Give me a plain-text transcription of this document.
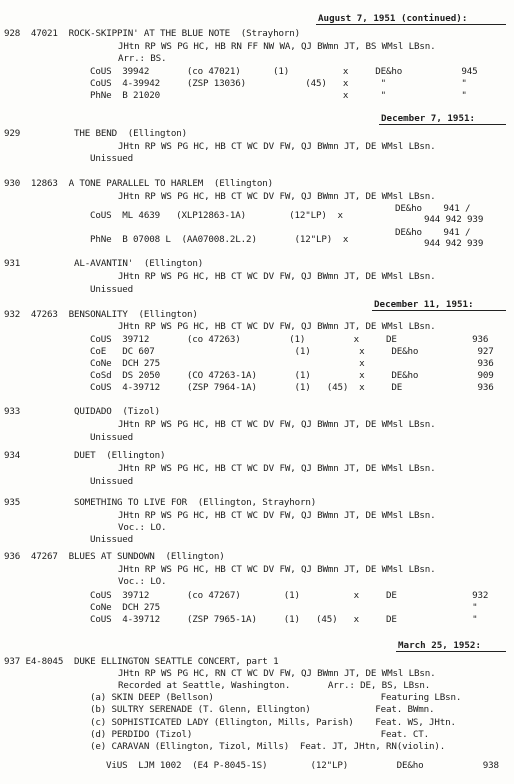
August 7, 1951 (continued):
928  47021  ROCK-SKIPPIN' AT THE BLUE NOTE  (Strayhorn)
JHtn RP WS PG HC, HB RN FF NW WA, QJ BWmn JT, BS WMsl LBsn.
Arr.: BS.
CoUS  39942       (co 47021)      (1)          x     DE&ho           945
CoUS  4-39942     (ZSP 13036)           (45)   x      "              "
PhNe  B 21020                                  x      "              "
December 7, 1951:
929          THE BEND  (Ellington)
JHtn RP WS PG HC, HB CT WC DV FW, QJ BWmn JT, DE WMsl LBsn.
Unissued
930  12863  A TONE PARALLEL TO HARLEM  (Ellington)
JHtn RP WS PG HC, HB CT WC DV FW, QJ BWmn JT, DE WMsl LBsn.
CoUS  ML 4639   (XLP12863-1A)        (12"LP)  x
DE&ho    941 /
944 942 939
PhNe  B 07008 L  (AA07008.2L.2)       (12"LP)  x
DE&ho    941 /
944 942 939
931          AL-AVANTIN'  (Ellington)
JHtn RP WS PG HC, HB CT WC DV FW, QJ BWmn JT, DE WMsl LBsn.
Unissued
December 11, 1951:
932  47263  BENSONALITY  (Ellington)
JHtn RP WS PG HC, HB CT WC DV FW, QJ BWmn JT, DE WMsl LBsn.
CoUS  39712       (co 47263)         (1)         x     DE              936
CoE   DC 607                          (1)         x     DE&ho           927
CoNe  DCH 275                                     x                     936
CoSd  DS 2050     (CO 47263-1A)       (1)         x     DE&ho           909
CoUS  4-39712     (ZSP 7964-1A)       (1)   (45)  x     DE              936
933          QUIDADO  (Tizol)
JHtn RP WS PG HC, HB CT WC DV FW, QJ BWmn JT, DE WMsl LBsn.
Unissued
934          DUET  (Ellington)
JHtn RP WS PG HC, HB CT WC DV FW, QJ BWmn JT, DE WMsl LBsn.
Unissued
935          SOMETHING TO LIVE FOR  (Ellington, Strayhorn)
JHtn RP WS PG HC, HB CT WC DV FW, QJ BWmn JT, DE WMsl LBsn.
Voc.: LO.
Unissued
936  47267  BLUES AT SUNDOWN  (Ellington)
JHtn RP WS PG HC, HB CT WC DV FW, QJ BWmn JT, DE WMsl LBsn.
Voc.: LO.
CoUS  39712       (co 47267)        (1)          x     DE              932
CoNe  DCH 275                                                          "
CoUS  4-39712     (ZSP 7965-1A)     (1)   (45)   x     DE              "
March 25, 1952:
937 E4-8045  DUKE ELLINGTON SEATTLE CONCERT, part 1
JHtn RP WS PG HC, RN CT WC DV FW, QJ BWmn JT, DE WMsl LBsn.
Recorded at Seattle, Washington.       Arr.: DE, BS, LBsn.
(a) SKIN DEEP (Bellson)                               Featuring LBsn.
(b) SULTRY SERENADE (T. Glenn, Ellington)            Feat. BWmn.
(c) SOPHISTICATED LADY (Ellington, Mills, Parish)    Feat. WS, JHtn.
(d) PERDIDO (Tizol)                                   Feat. CT.
(e) CARAVAN (Ellington, Tizol, Mills)  Feat. JT, JHtn, RN(violin).
ViUS  LJM 1002  (E4 P-8045-1S)        (12"LP)         DE&ho           938
